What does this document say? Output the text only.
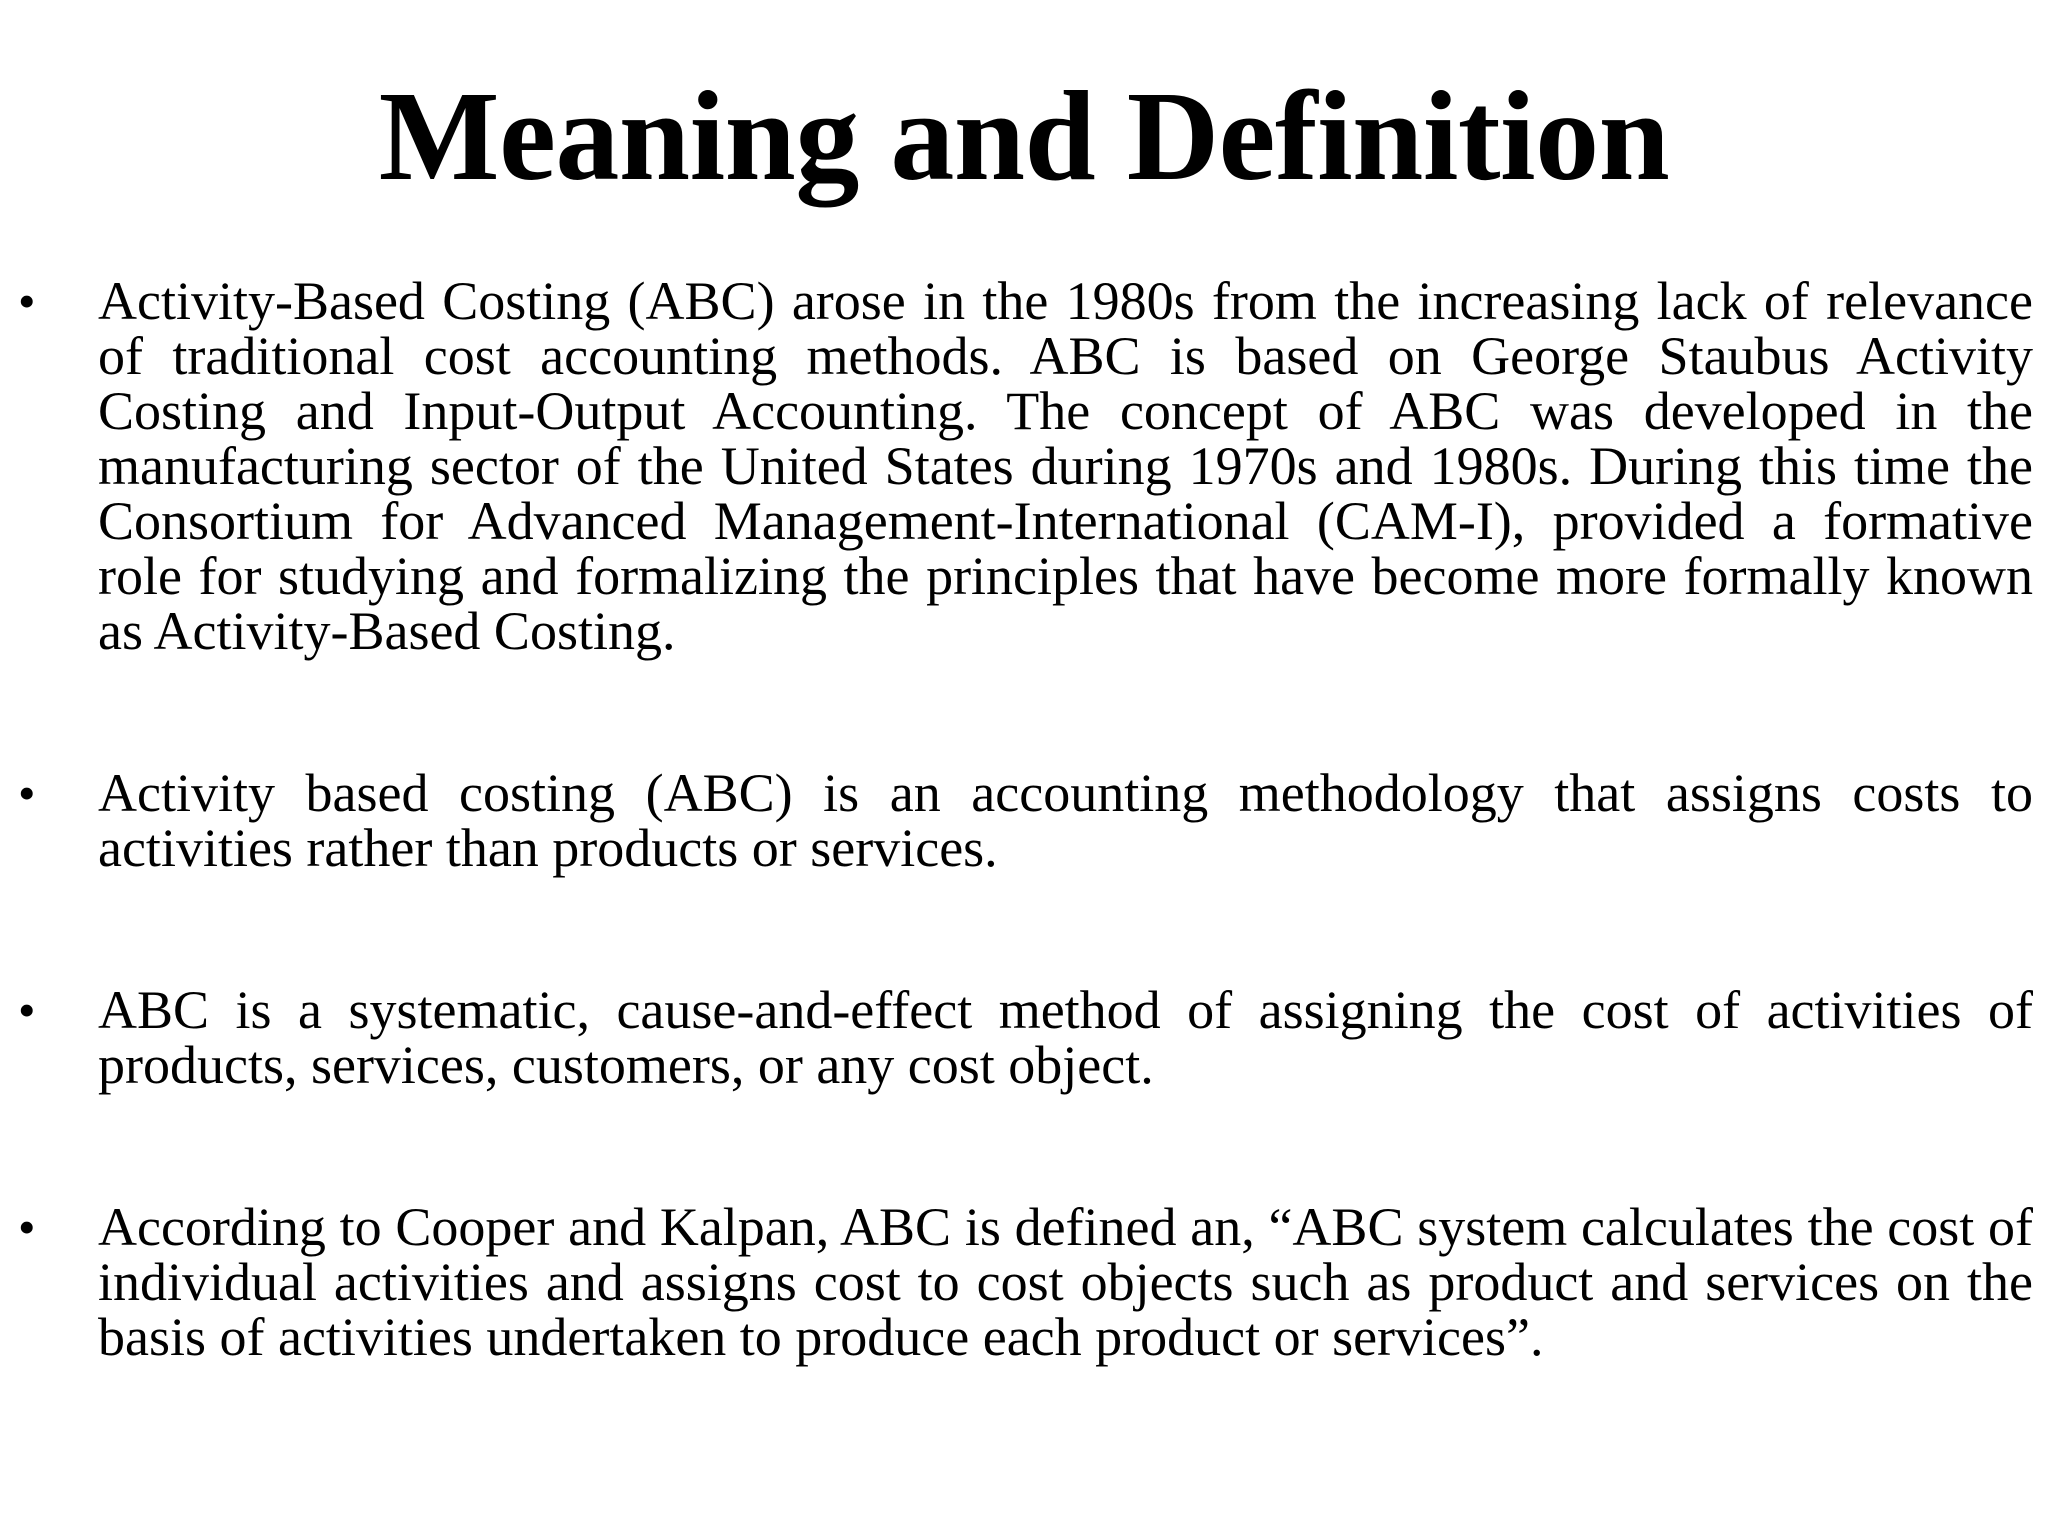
Meaning and Definition
• Activity-Based Costing (ABC) arose in the 1980s from the increasing lack of relevance of traditional cost accounting methods. ABC is based on George Staubus Activity Costing and Input-Output Accounting. The concept of ABC was developed in the manufacturing sector of the United States during 1970s and 1980s. During this time the Consortium for Advanced Management-International (CAM-I), provided a formative role for studying and formalizing the principles that have become more formally known as Activity-Based Costing.
• Activity based costing (ABC) is an accounting methodology that assigns costs to activities rather than products or services.
• ABC is a systematic, cause-and-effect method of assigning the cost of activities of products, services, customers, or any cost object.
• According to Cooper and Kalpan, ABC is defined an, “ABC system calculates the cost of individual activities and assigns cost to cost objects such as product and services on the basis of activities undertaken to produce each product or services”.
